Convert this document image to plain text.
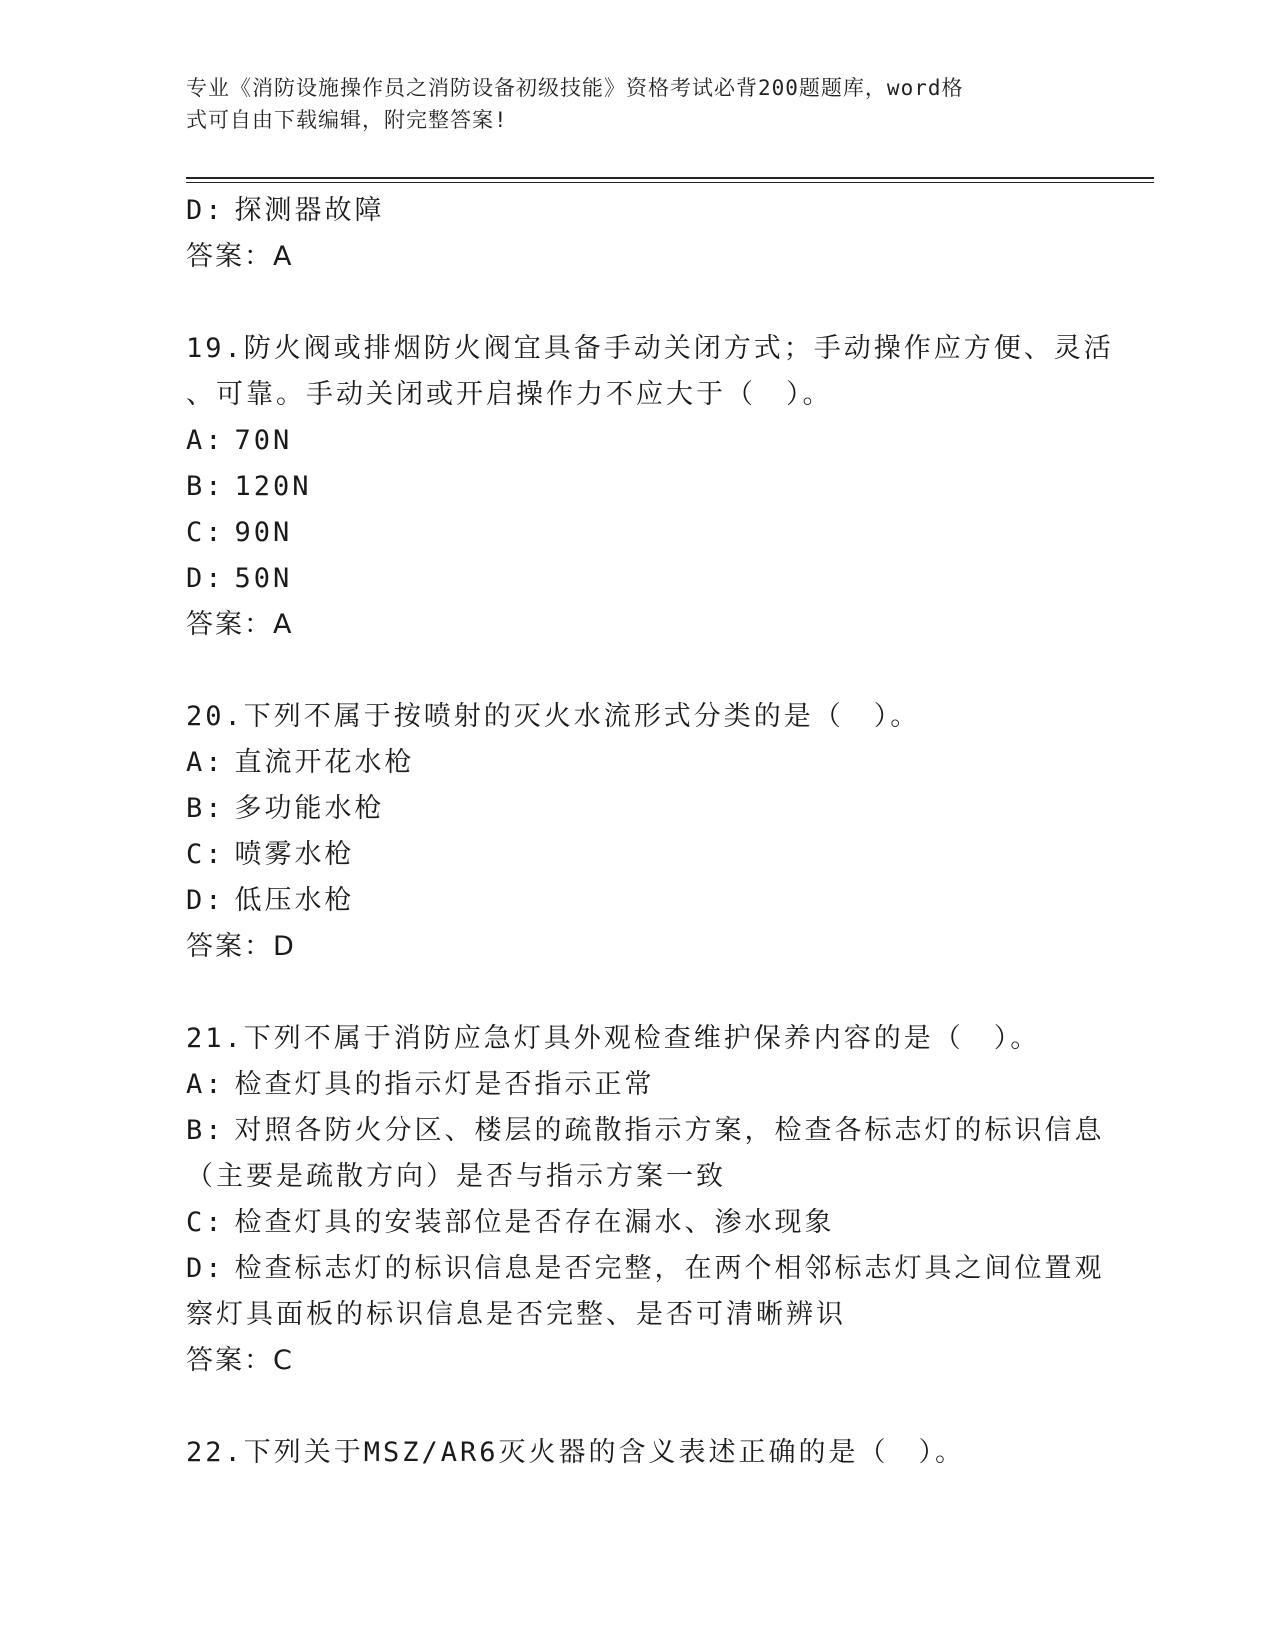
专业《消防设施操作员之消防设备初级技能》资格考试必背200题题库，word格
式可自由下载编辑，附完整答案!
D: 探测器故障
答案：A
19.防火阀或排烟防火阀宜具备手动关闭方式；手动操作应方便、灵活
、可靠。手动关闭或开启操作力不应大于（　）。
A: 70N
B: 120N
C: 90N
D: 50N
答案：A
20.下列不属于按喷射的灭火水流形式分类的是（　）。
A: 直流开花水枪
B: 多功能水枪
C: 喷雾水枪
D: 低压水枪
答案：D
21.下列不属于消防应急灯具外观检查维护保养内容的是（　）。
A: 检查灯具的指示灯是否指示正常
B: 对照各防火分区、楼层的疏散指示方案，检查各标志灯的标识信息
（主要是疏散方向）是否与指示方案一致
C: 检查灯具的安装部位是否存在漏水、渗水现象
D: 检查标志灯的标识信息是否完整，在两个相邻标志灯具之间位置观
察灯具面板的标识信息是否完整、是否可清晰辨识
答案：C
22.下列关于MSZ/AR6灭火器的含义表述正确的是（　）。
